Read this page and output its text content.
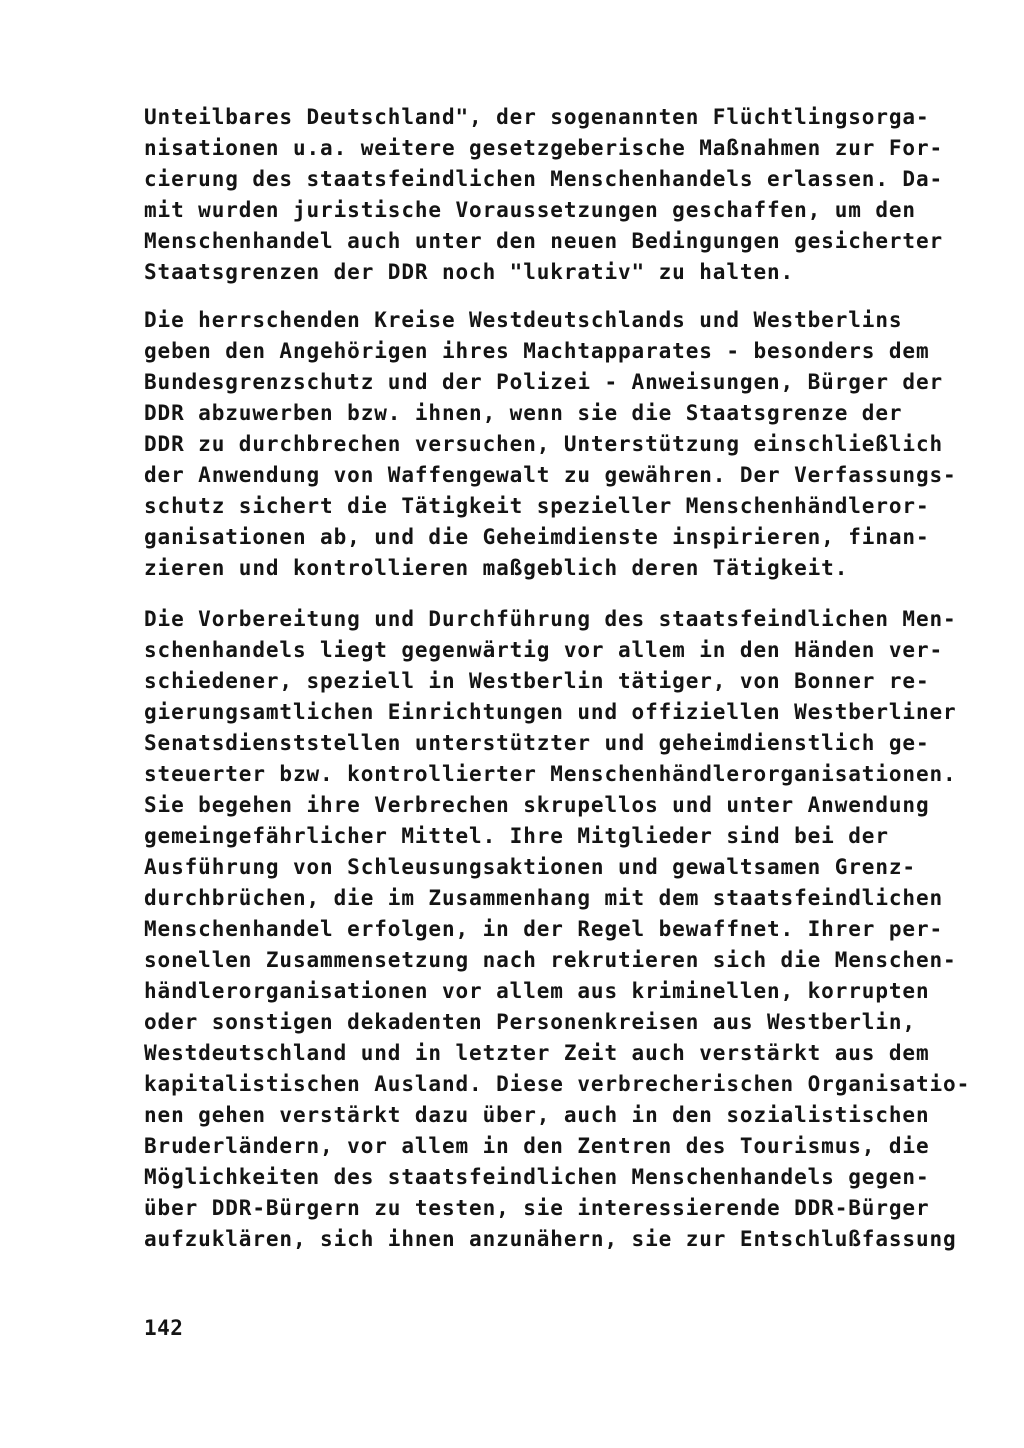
Unteilbares Deutschland", der sogenannten Flüchtlingsorga-
nisationen u.a. weitere gesetzgeberische Maßnahmen zur For-
cierung des staatsfeindlichen Menschenhandels erlassen. Da-
mit wurden juristische Voraussetzungen geschaffen, um den
Menschenhandel auch unter den neuen Bedingungen gesicherter
Staatsgrenzen der DDR noch "lukrativ" zu halten.
Die herrschenden Kreise Westdeutschlands und Westberlins
geben den Angehörigen ihres Machtapparates - besonders dem
Bundesgrenzschutz und der Polizei - Anweisungen, Bürger der
DDR abzuwerben bzw. ihnen, wenn sie die Staatsgrenze der
DDR zu durchbrechen versuchen, Unterstützung einschließlich
der Anwendung von Waffengewalt zu gewähren. Der Verfassungs-
schutz sichert die Tätigkeit spezieller Menschenhändleror-
ganisationen ab, und die Geheimdienste inspirieren, finan-
zieren und kontrollieren maßgeblich deren Tätigkeit.
Die Vorbereitung und Durchführung des staatsfeindlichen Men-
schenhandels liegt gegenwärtig vor allem in den Händen ver-
schiedener, speziell in Westberlin tätiger, von Bonner re-
gierungsamtlichen Einrichtungen und offiziellen Westberliner
Senatsdienststellen unterstützter und geheimdienstlich ge-
steuerter bzw. kontrollierter Menschenhändlerorganisationen.
Sie begehen ihre Verbrechen skrupellos und unter Anwendung
gemeingefährlicher Mittel. Ihre Mitglieder sind bei der
Ausführung von Schleusungsaktionen und gewaltsamen Grenz-
durchbrüchen, die im Zusammenhang mit dem staatsfeindlichen
Menschenhandel erfolgen, in der Regel bewaffnet. Ihrer per-
sonellen Zusammensetzung nach rekrutieren sich die Menschen-
händlerorganisationen vor allem aus kriminellen, korrupten
oder sonstigen dekadenten Personenkreisen aus Westberlin,
Westdeutschland und in letzter Zeit auch verstärkt aus dem
kapitalistischen Ausland. Diese verbrecherischen Organisatio-
nen gehen verstärkt dazu über, auch in den sozialistischen
Bruderländern, vor allem in den Zentren des Tourismus, die
Möglichkeiten des staatsfeindlichen Menschenhandels gegen-
über DDR-Bürgern zu testen, sie interessierende DDR-Bürger
aufzuklären, sich ihnen anzunähern, sie zur Entschlußfassung
142
